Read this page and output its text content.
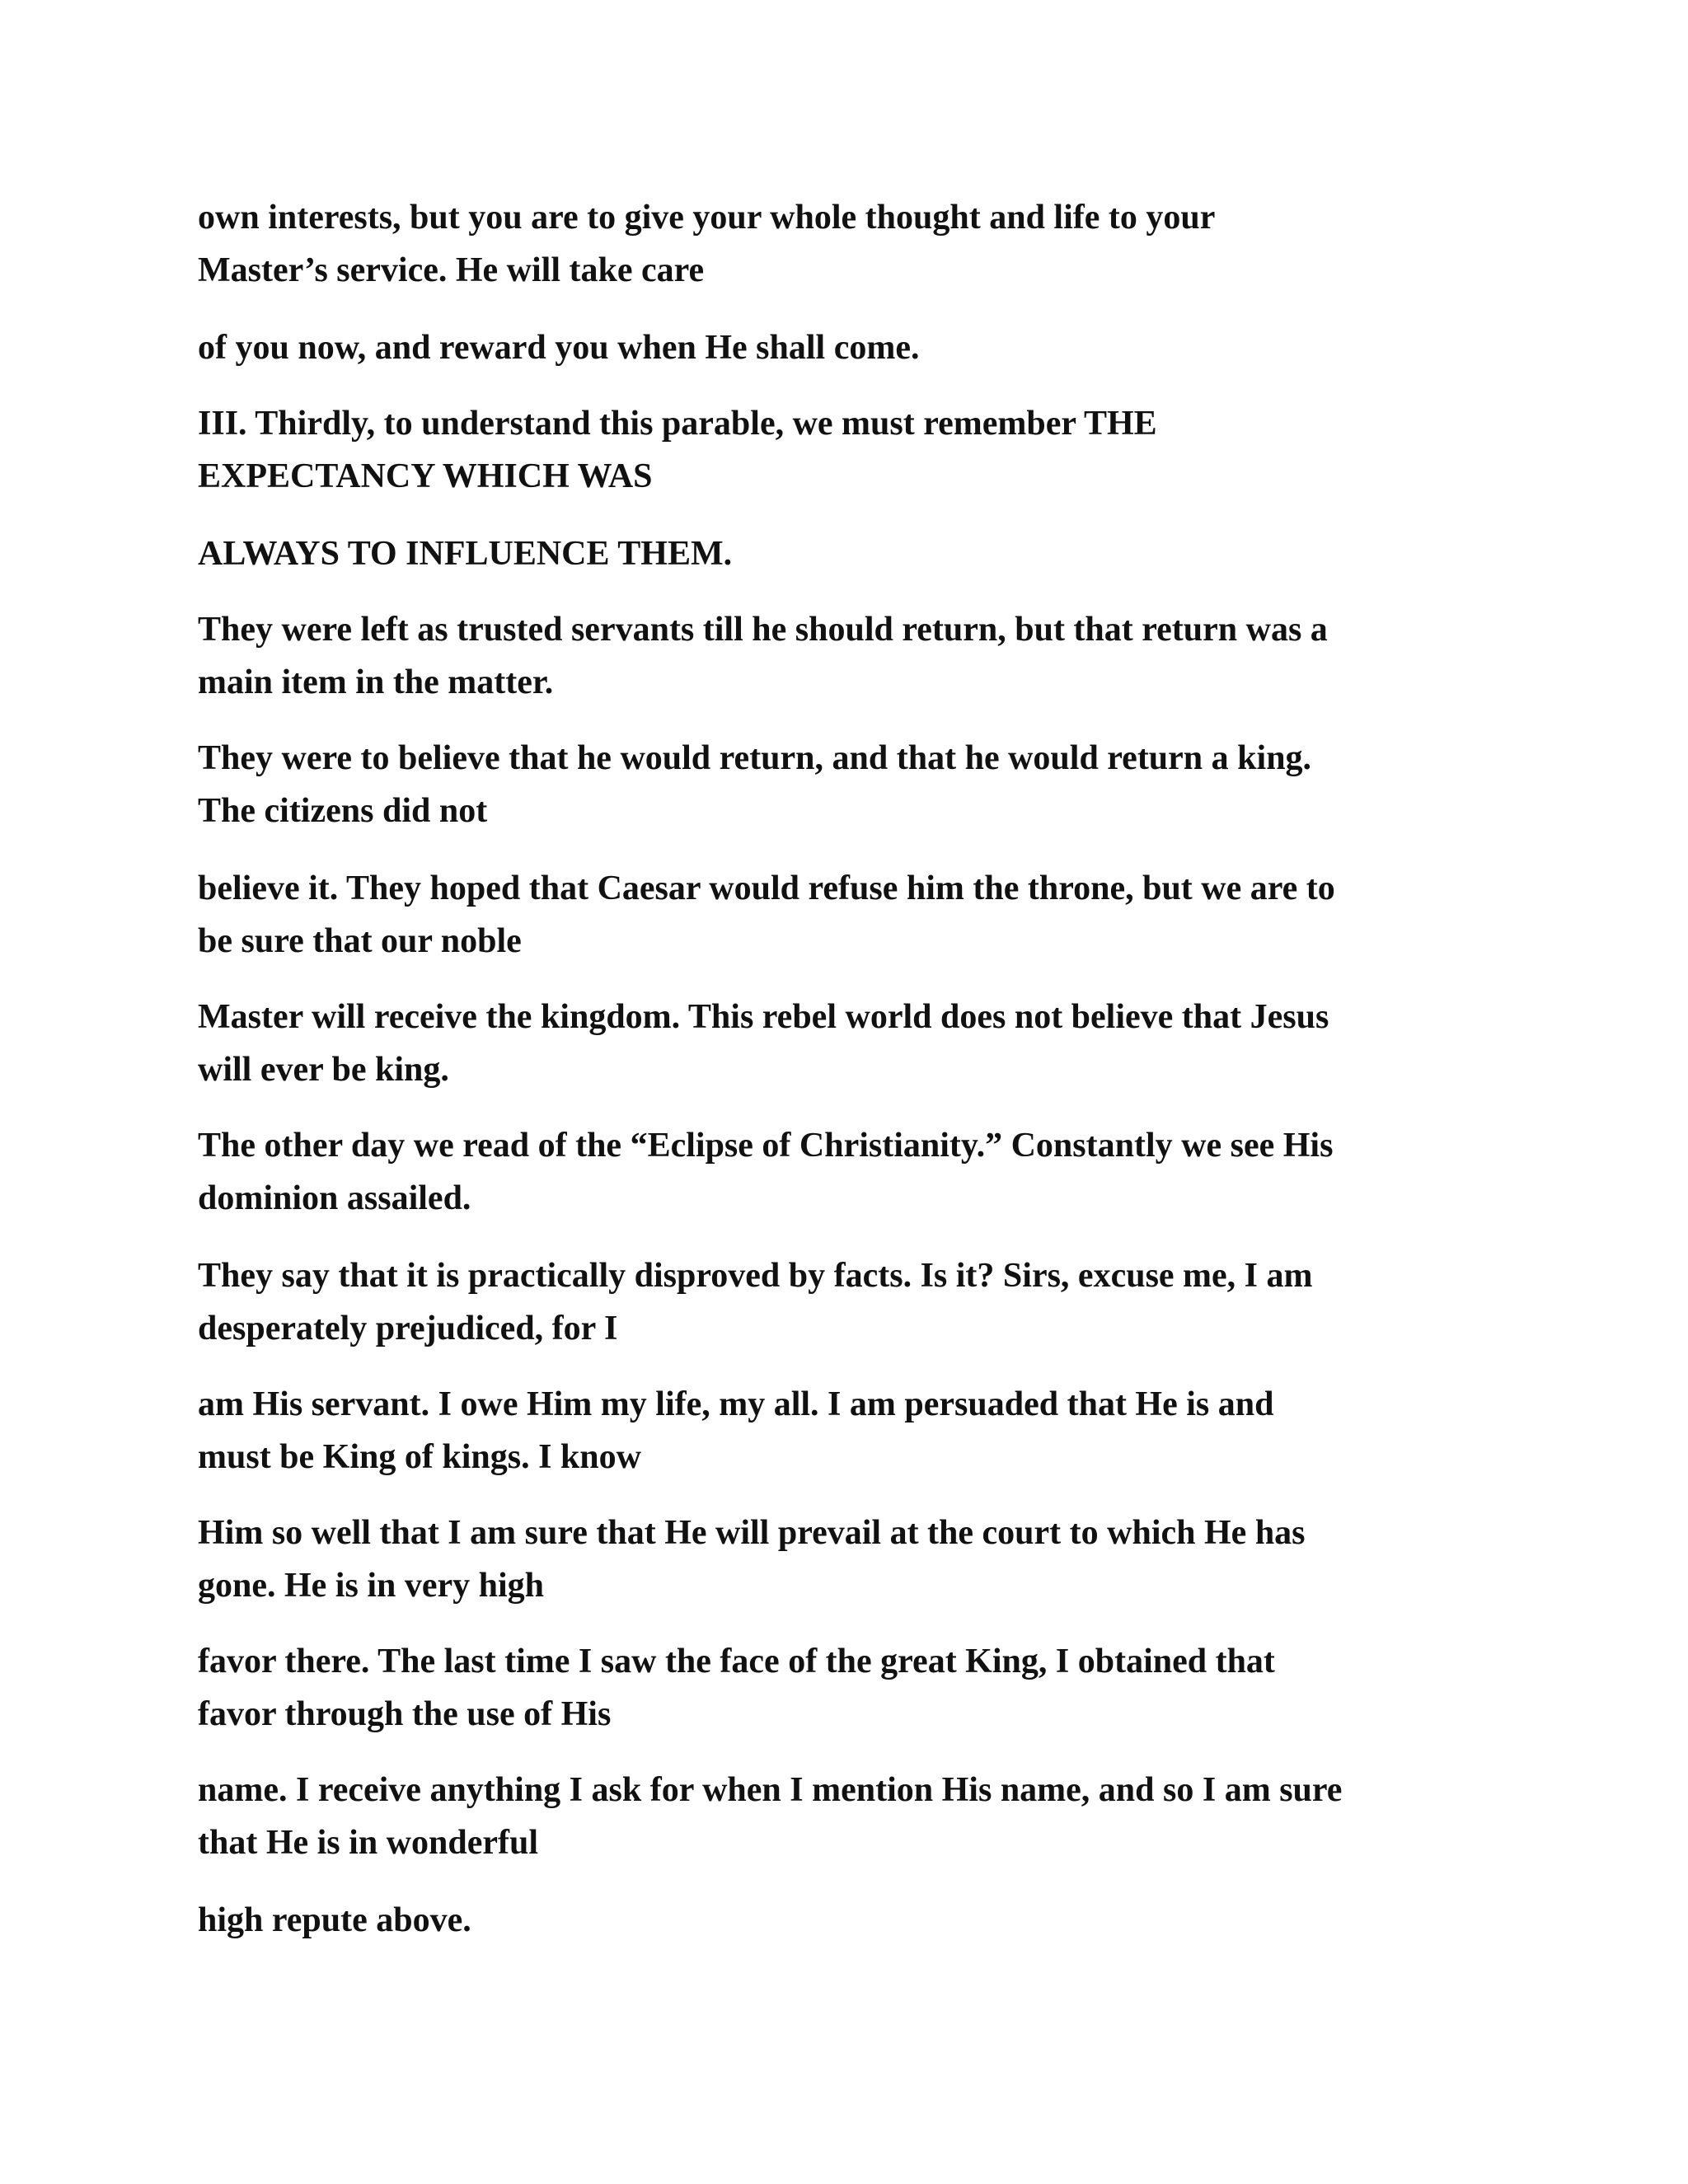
own interests, but you are to give your whole thought and life to your
Master’s service. He will take care

of you now, and reward you when He shall come.

III. Thirdly, to understand this parable, we must remember THE
EXPECTANCY WHICH WAS

ALWAYS TO INFLUENCE THEM.

They were left as trusted servants till he should return, but that return was a
main item in the matter.

They were to believe that he would return, and that he would return a king.
The citizens did not

believe it. They hoped that Caesar would refuse him the throne, but we are to
be sure that our noble

Master will receive the kingdom. This rebel world does not believe that Jesus
will ever be king.

The other day we read of the “Eclipse of Christianity.” Constantly we see His
dominion assailed.

They say that it is practically disproved by facts. Is it? Sirs, excuse me, I am
desperately prejudiced, for I

am His servant. I owe Him my life, my all. I am persuaded that He is and
must be King of kings. I know

Him so well that I am sure that He will prevail at the court to which He has
gone. He is in very high

favor there. The last time I saw the face of the great King, I obtained that
favor through the use of His

name. I receive anything I ask for when I mention His name, and so I am sure
that He is in wonderful

high repute above.
